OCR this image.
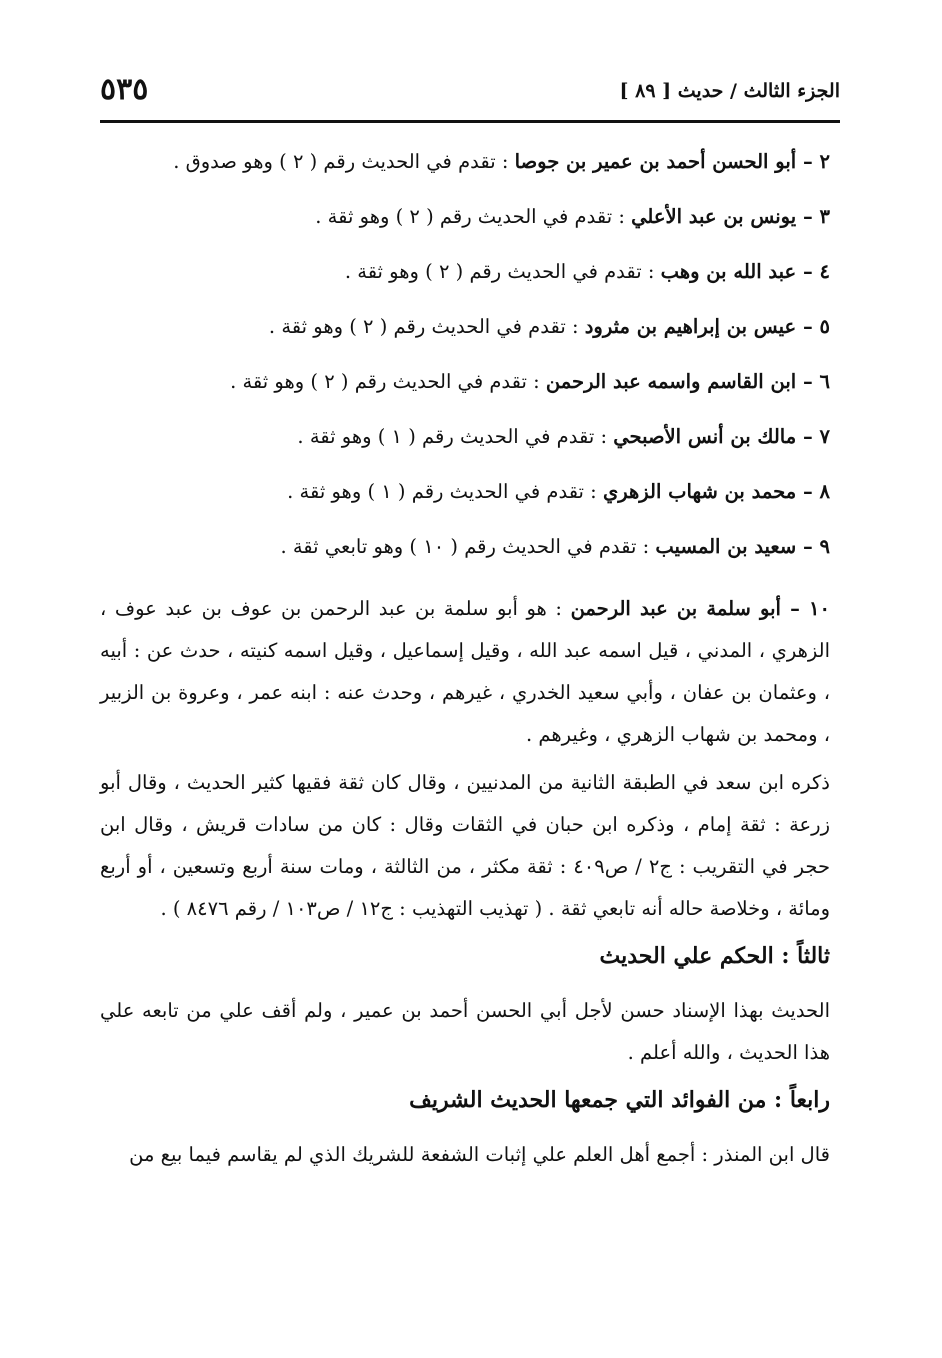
الجزء الثالث / حديث [ ٨٩ ]
٥٣٥

٢ – أبو الحسن أحمد بن عمير بن جوصا : تقدم في الحديث رقم ( ٢ ) وهو صدوق .

٣ – يونس بن عبد الأعلي : تقدم في الحديث رقم ( ٢ ) وهو ثقة .

٤ – عبد الله بن وهب : تقدم في الحديث رقم ( ٢ ) وهو ثقة .

٥ – عيس بن إبراهيم بن مثرود : تقدم في الحديث رقم ( ٢ ) وهو ثقة .

٦ – ابن القاسم واسمه عبد الرحمن : تقدم في الحديث رقم ( ٢ ) وهو ثقة .

٧ – مالك بن أنس الأصبحي : تقدم في الحديث رقم ( ١ ) وهو ثقة .

٨ – محمد بن شهاب الزهري : تقدم في الحديث رقم ( ١ ) وهو ثقة .

٩ – سعيد بن المسيب : تقدم في الحديث رقم ( ١٠ ) وهو تابعي ثقة .

١٠ – أبو سلمة بن عبد الرحمن : هو أبو سلمة بن عبد الرحمن بن عوف بن عبد عوف ، الزهري ، المدني ، قيل اسمه عبد الله ، وقيل إسماعيل ، وقيل اسمه كنيته ، حدث عن : أبيه ، وعثمان بن عفان ، وأبي سعيد الخدري ، غيرهم ، وحدث عنه : ابنه عمر ، وعروة بن الزبير ، ومحمد بن شهاب الزهري ، وغيرهم .

ذكره ابن سعد في الطبقة الثانية من المدنيين ، وقال كان ثقة فقيها كثير الحديث ، وقال أبو زرعة : ثقة إمام ، وذكره ابن حبان في الثقات وقال : كان من سادات قريش ، وقال ابن حجر في التقريب : ج٢ / ص٤٠٩ : ثقة مكثر ، من الثالثة ، ومات سنة أربع وتسعين ، أو أربع ومائة ، وخلاصة حاله أنه تابعي ثقة . ( تهذيب التهذيب : ج١٢ / ص١٠٣ / رقم ٨٤٧٦ ) .

ثالثاً : الحكم علي الحديث

الحديث بهذا الإسناد حسن لأجل أبي الحسن أحمد بن عمير ، ولم أقف علي من تابعه علي هذا الحديث ، والله أعلم .

رابعاً : من الفوائد التي جمعها الحديث الشريف

قال ابن المنذر : أجمع أهل العلم علي إثبات الشفعة للشريك الذي لم يقاسم فيما بيع من
